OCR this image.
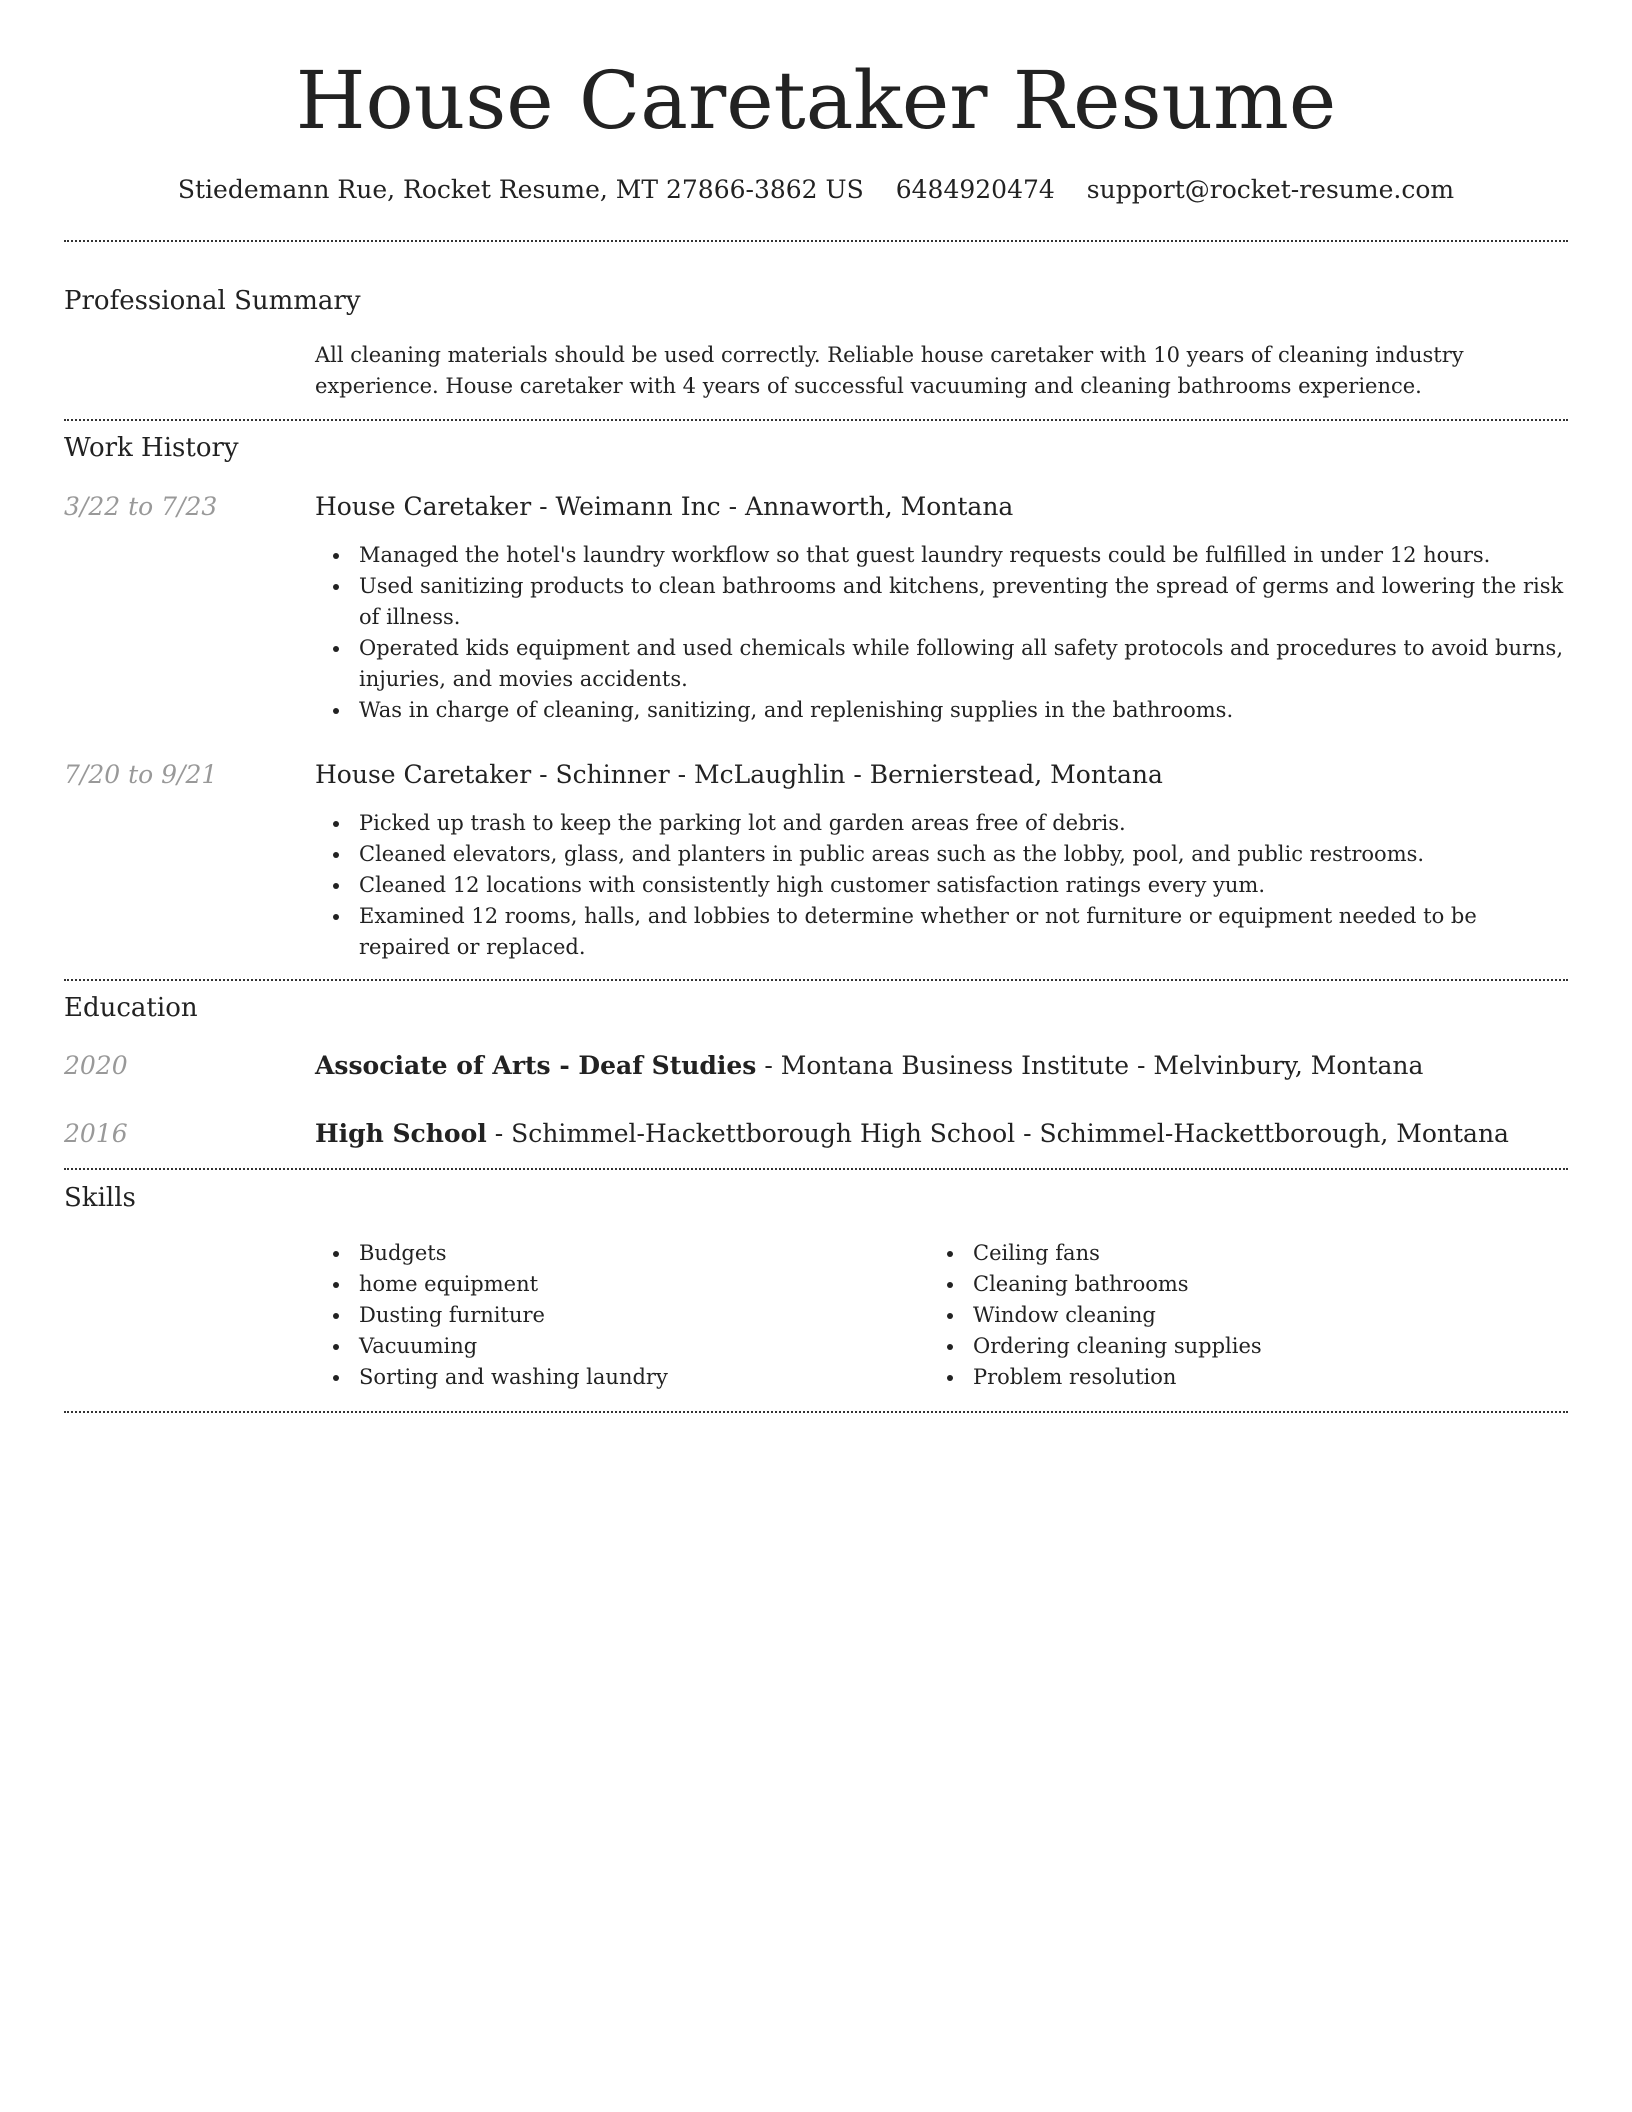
House Caretaker Resume
Stiedemann Rue, Rocket Resume, MT 27866-3862 US 6484920474 support@rocket-resume.com
Professional Summary
All cleaning materials should be used correctly. Reliable house caretaker with 10 years of cleaning industry experience. House caretaker with 4 years of successful vacuuming and cleaning bathrooms experience.
Work History
3/22 to 7/23	House Caretaker - Weimann Inc - Annaworth, Montana
Managed the hotel's laundry workflow so that guest laundry requests could be fulfilled in under 12 hours.
Used sanitizing products to clean bathrooms and kitchens, preventing the spread of germs and lowering the risk of illness.
Operated kids equipment and used chemicals while following all safety protocols and procedures to avoid burns, injuries, and movies accidents.
Was in charge of cleaning, sanitizing, and replenishing supplies in the bathrooms.
7/20 to 9/21	House Caretaker - Schinner - McLaughlin - Bernierstead, Montana
Picked up trash to keep the parking lot and garden areas free of debris.
Cleaned elevators, glass, and planters in public areas such as the lobby, pool, and public restrooms.
Cleaned 12 locations with consistently high customer satisfaction ratings every yum.
Examined 12 rooms, halls, and lobbies to determine whether or not furniture or equipment needed to be repaired or replaced.
Education
2020	Associate of Arts - Deaf Studies - Montana Business Institute - Melvinbury, Montana
2016	High School - Schimmel-Hackettborough High School - Schimmel-Hackettborough, Montana
Skills
Budgets
home equipment
Dusting furniture
Vacuuming
Sorting and washing laundry
Ceiling fans
Cleaning bathrooms
Window cleaning
Ordering cleaning supplies
Problem resolution
